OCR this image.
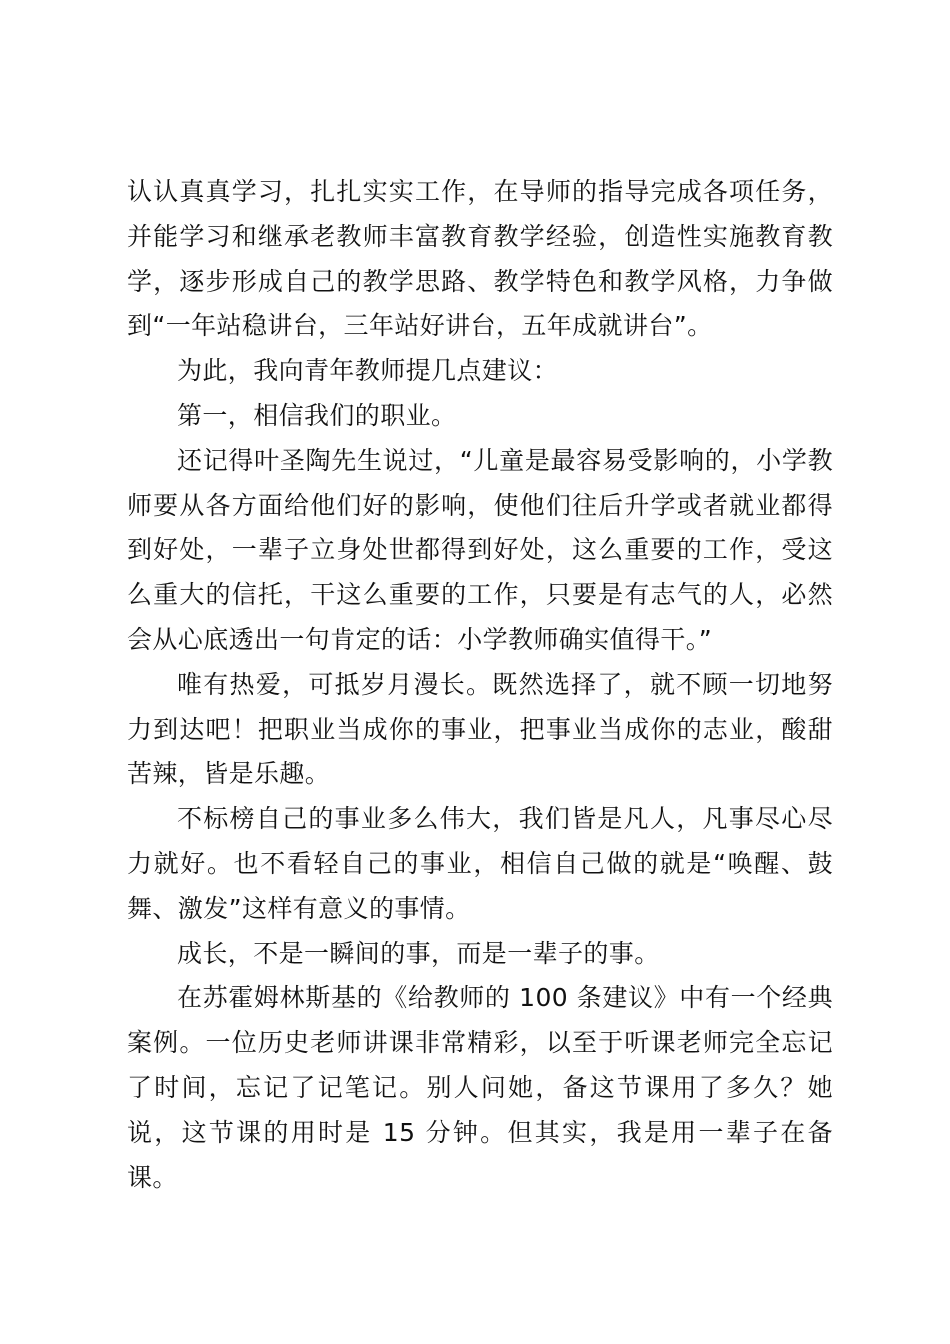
认认真真学习，扎扎实实工作，在导师的指导完成各项任务，并能学习和继承老教师丰富教育教学经验，创造性实施教育教学，逐步形成自己的教学思路、教学特色和教学风格，力争做到“一年站稳讲台，三年站好讲台，五年成就讲台”。

为此，我向青年教师提几点建议：

第一，相信我们的职业。

还记得叶圣陶先生说过，“儿童是最容易受影响的，小学教师要从各方面给他们好的影响，使他们往后升学或者就业都得到好处，一辈子立身处世都得到好处，这么重要的工作，受这么重大的信托，干这么重要的工作，只要是有志气的人，必然会从心底透出一句肯定的话：小学教师确实值得干。”

唯有热爱，可抵岁月漫长。既然选择了，就不顾一切地努力到达吧！把职业当成你的事业，把事业当成你的志业，酸甜苦辣，皆是乐趣。

不标榜自己的事业多么伟大，我们皆是凡人，凡事尽心尽力就好。也不看轻自己的事业，相信自己做的就是“唤醒、鼓舞、激发”这样有意义的事情。

成长，不是一瞬间的事，而是一辈子的事。

在苏霍姆林斯基的《给教师的 100 条建议》中有一个经典案例。一位历史老师讲课非常精彩，以至于听课老师完全忘记了时间，忘记了记笔记。别人问她，备这节课用了多久？她说，这节课的用时是 15 分钟。但其实，我是用一辈子在备课。
